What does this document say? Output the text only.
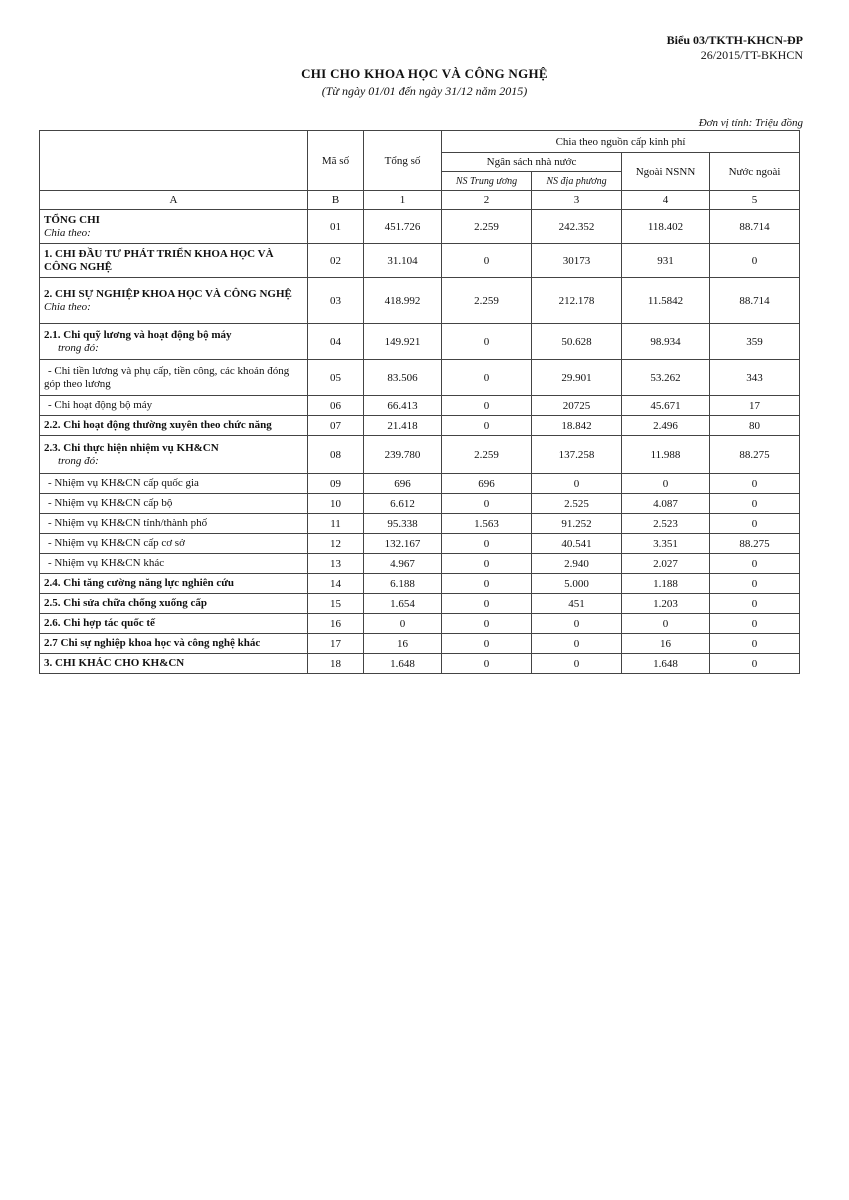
Biểu 03/TKTH-KHCN-ĐP
26/2015/TT-BKHCN
CHI CHO KHOA HỌC VÀ CÔNG NGHỆ
(Từ ngày 01/01 đến ngày 31/12 năm 2015)
Đơn vị tính: Triệu đồng
	Mã số	Tổng số	Chia theo nguồn cấp kinh phí			
			Ngân sách nhà nước		Ngoài NSNN	Nước ngoài
			NS Trung ương	NS địa phương		
A	B	1	2	3	4	5
TỔNG CHI
Chia theo:	01	451.726	2.259	242.352	118.402	88.714
1. CHI ĐẦU TƯ PHÁT TRIỂN KHOA HỌC VÀ CÔNG NGHỆ	02	31.104	0	30173	931	0
2. CHI SỰ NGHIỆP KHOA HỌC VÀ CÔNG NGHỆ
Chia theo:	03	418.992	2.259	212.178	11.5842	88.714
2.1. Chi quỹ lương và hoạt động bộ máy
trong đó:	04	149.921	0	50.628	98.934	359
- Chi tiền lương và phụ cấp, tiền công, các khoản đóng góp theo lương	05	83.506	0	29.901	53.262	343
- Chi hoạt động bộ máy	06	66.413	0	20725	45.671	17
2.2. Chi hoạt động thường xuyên theo chức năng	07	21.418	0	18.842	2.496	80
2.3. Chi thực hiện nhiệm vụ KH&CN
trong đó:	08	239.780	2.259	137.258	11.988	88.275
- Nhiệm vụ KH&CN cấp quốc gia	09	696	696	0	0	0
- Nhiệm vụ KH&CN cấp bộ	10	6.612	0	2.525	4.087	0
- Nhiệm vụ KH&CN tỉnh/thành phố	11	95.338	1.563	91.252	2.523	0
- Nhiệm vụ KH&CN cấp cơ sở	12	132.167	0	40.541	3.351	88.275
- Nhiệm vụ KH&CN khác	13	4.967	0	2.940	2.027	0
2.4. Chi tăng cường năng lực nghiên cứu	14	6.188	0	5.000	1.188	0
2.5. Chi sửa chữa chống xuống cấp	15	1.654	0	451	1.203	0
2.6. Chi hợp tác quốc tế	16	0	0	0	0	0
2.7 Chi sự nghiệp khoa học và công nghệ khác	17	16	0	0	16	0
3. CHI KHÁC CHO KH&CN	18	1.648	0	0	1.648	0
